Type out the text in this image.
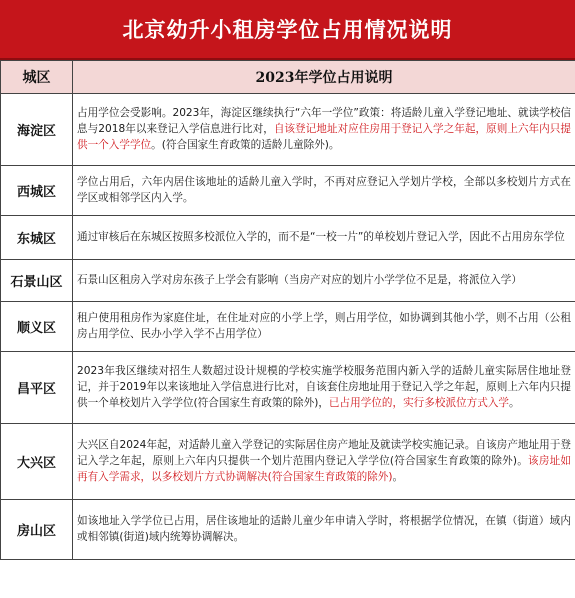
北京幼升小租房学位占用情况说明
城区	2023年学位占用说明
海淀区	占用学位会受影响。2023年，海淀区继续执行“六年一学位”政策：将适龄儿童入学登记地址、就读学校信息与2018年以来登记入学信息进行比对，自该登记地址对应住房用于登记入学之年起，原则上六年内只提供一个入学学位。(符合国家生育政策的适龄儿童除外)。
西城区	学位占用后，六年内居住该地址的适龄儿童入学时，不再对应登记入学划片学校，全部以多校划片方式在学区或相邻学区内入学。
东城区	通过审核后在东城区按照多校派位入学的，而不是“一校一片”的单校划片登记入学，因此不占用房东学位
石景山区	石景山区租房入学对房东孩子上学会有影响（当房产对应的划片小学学位不足是，将派位入学）
顺义区	租户使用租房作为家庭住址，在住址对应的小学上学，则占用学位，如协调到其他小学，则不占用（公租房占用学位、民办小学入学不占用学位）
昌平区	2023年我区继续对招生人数超过设计规模的学校实施学校服务范围内新入学的适龄儿童实际居住地址登记，并于2019年以来该地址入学信息进行比对，自该套住房地址用于登记入学之年起，原则上六年内只提供一个单校划片入学学位(符合国家生育政策的除外)，已占用学位的，实行多校派位方式入学。
大兴区	大兴区自2024年起，对适龄儿童入学登记的实际居住房产地址及就读学校实施记录。自该房产地址用于登记入学之年起，原则上六年内只提供一个划片范围内登记入学学位(符合国家生育政策的除外)。该房址如再有入学需求，以多校划片方式协调解决(符合国家生育政策的除外)。
房山区	如该地址入学学位已占用，居住该地址的适龄儿童少年申请入学时，将根据学位情况，在镇（街道）域内或相邻镇(街道)域内统筹协调解决。
